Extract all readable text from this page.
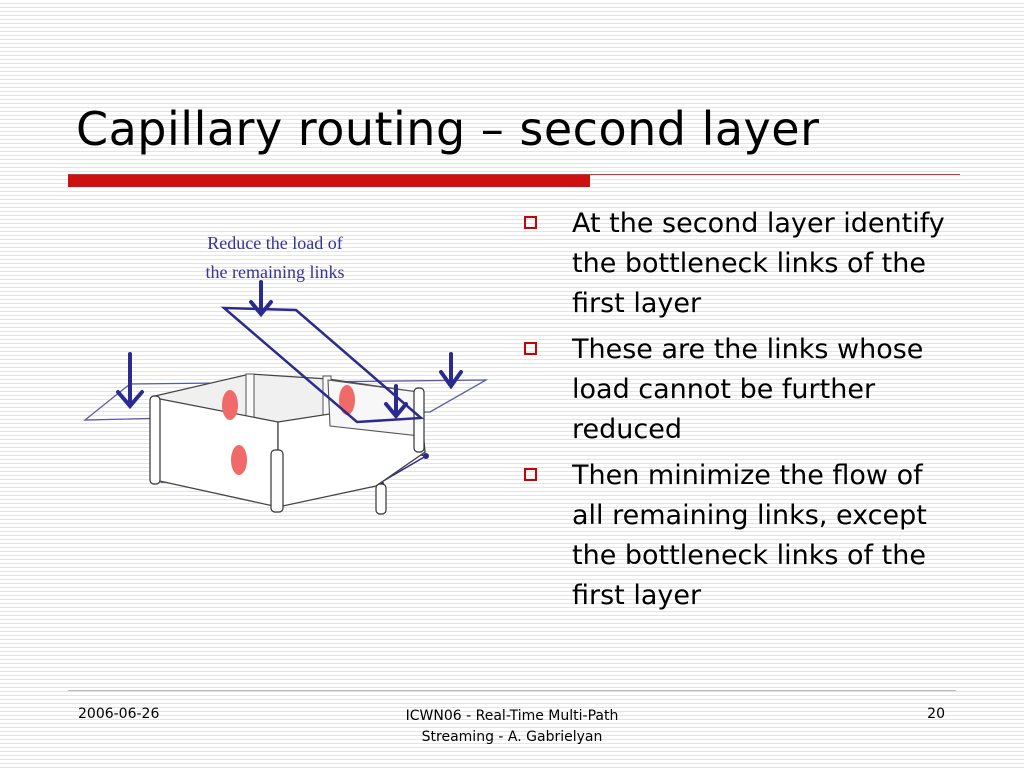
Capillary routing – second layer
Reduce the load of
the remaining links
At the second layer identify the bottleneck links of the first layer
These are the links whose load cannot be further reduced
Then minimize the flow of all remaining links, except the bottleneck links of the first layer
2006-06-26	ICWN06 - Real-Time Multi-Path
Streaming - A. Gabrielyan
20
